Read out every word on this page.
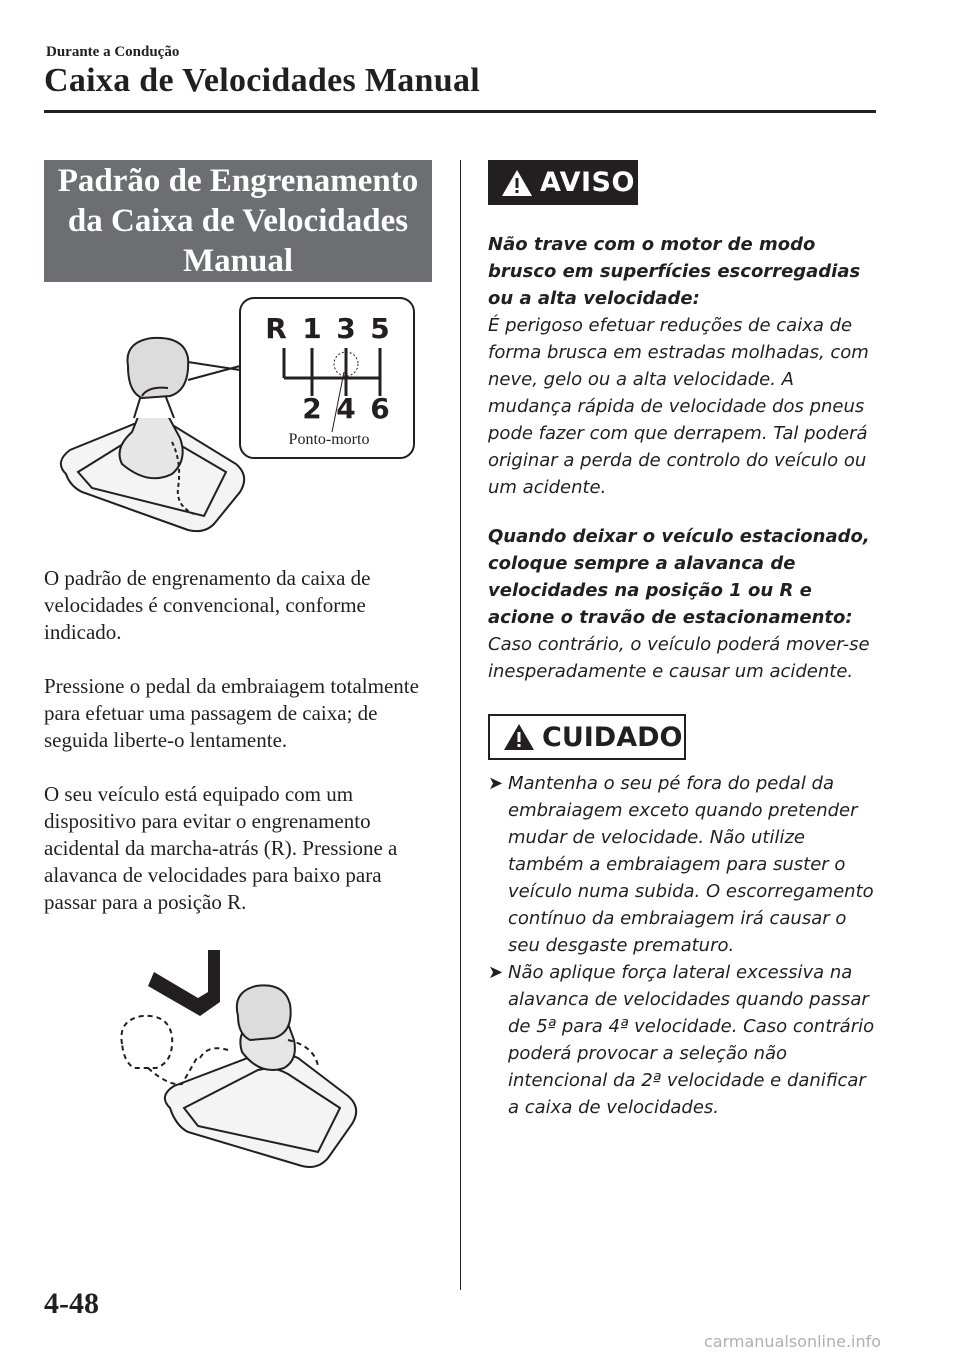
Durante a Condução
Caixa de Velocidades Manual
Padrão de Engrenamento
da Caixa de Velocidades
Manual
R 1 3 5
2 4 6
Ponto-morto
O padrão de engrenamento da caixa de velocidades é convencional, conforme indicado.
Pressione o pedal da embraiagem totalmente para efetuar uma passagem de caixa; de seguida liberte-o lentamente.
O seu veículo está equipado com um dispositivo para evitar o engrenamento acidental da marcha-atrás (R). Pressione a alavanca de velocidades para baixo para passar para a posição R.
AVISO
Não trave com o motor de modo brusco em superfícies escorregadias ou a alta velocidade:
É perigoso efetuar reduções de caixa de forma brusca em estradas molhadas, com neve, gelo ou a alta velocidade. A mudança rápida de velocidade dos pneus pode fazer com que derrapem. Tal poderá originar a perda de controlo do veículo ou um acidente.
Quando deixar o veículo estacionado, coloque sempre a alavanca de velocidades na posição 1 ou R e acione o travão de estacionamento:
Caso contrário, o veículo poderá mover-se inesperadamente e causar um acidente.
CUIDADO
➤ Mantenha o seu pé fora do pedal da embraiagem exceto quando pretender mudar de velocidade. Não utilize também a embraiagem para suster o veículo numa subida. O escorregamento contínuo da embraiagem irá causar o seu desgaste prematuro.
➤ Não aplique força lateral excessiva na alavanca de velocidades quando passar de 5ª para 4ª velocidade. Caso contrário poderá provocar a seleção não intencional da 2ª velocidade e danificar a caixa de velocidades.
4-48
carmanualsonline.info
